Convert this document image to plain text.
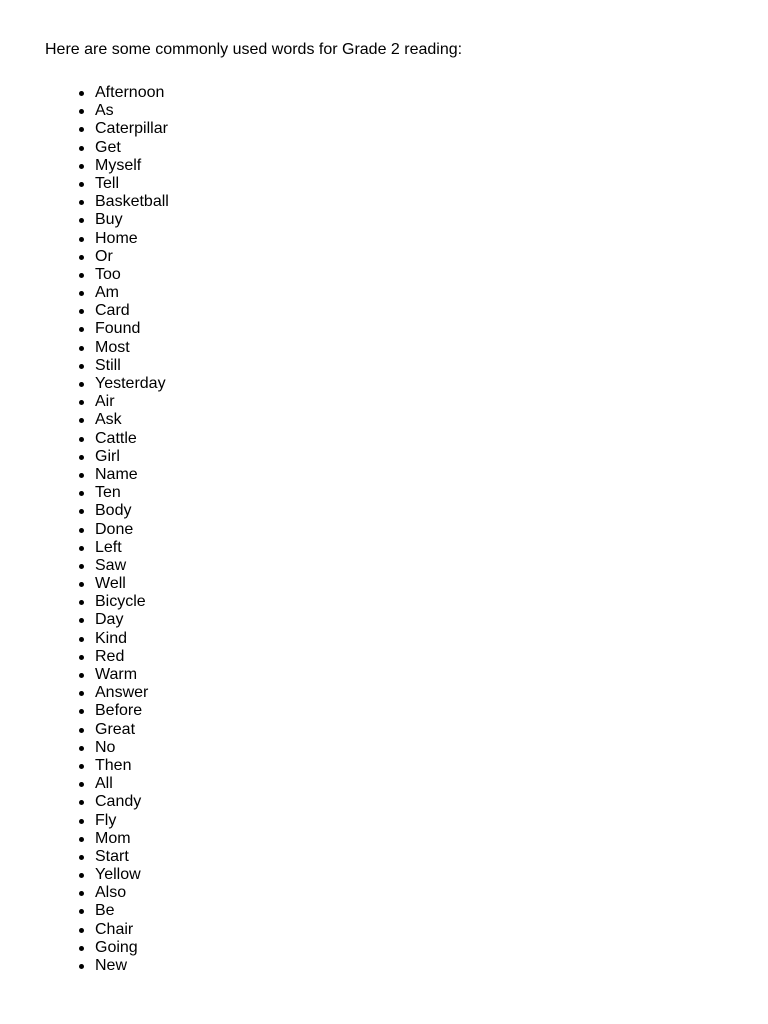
Here are some commonly used words for Grade 2 reading:

Afternoon
As
Caterpillar
Get
Myself
Tell
Basketball
Buy
Home
Or
Too
Am
Card
Found
Most
Still
Yesterday
Air
Ask
Cattle
Girl
Name
Ten
Body
Done
Left
Saw
Well
Bicycle
Day
Kind
Red
Warm
Answer
Before
Great
No
Then
All
Candy
Fly
Mom
Start
Yellow
Also
Be
Chair
Going
New
